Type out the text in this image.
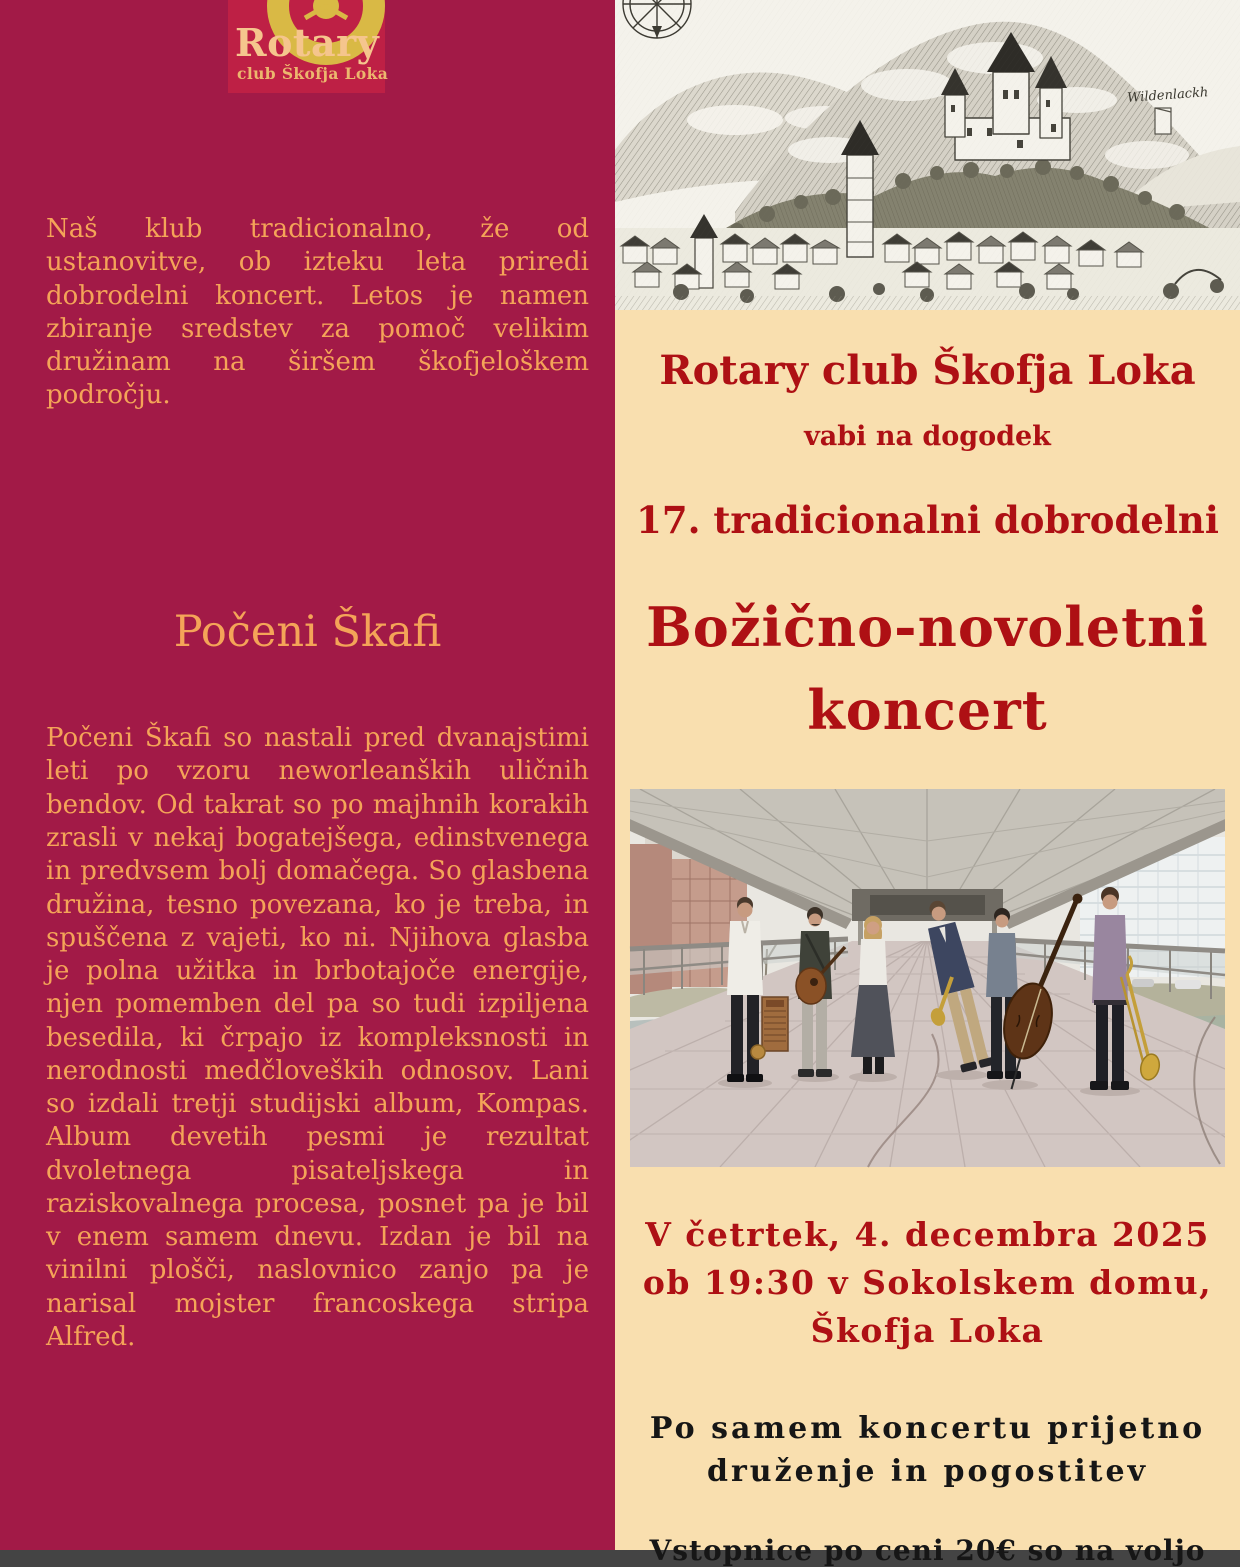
Rotary
club Škofja Loka

Naš klub tradicionalno, že od ustanovitve, ob izteku leta priredi dobrodelni koncert. Letos je namen zbiranje sredstev za pomoč velikim družinam na širšem škofjeloškem področju.

Počeni Škafi

Počeni Škafi so nastali pred dvanajstimi leti po vzoru neworleanških uličnih bendov. Od takrat so po majhnih korakih zrasli v nekaj bogatejšega, edinstvenega in predvsem bolj domačega. So glasbena družina, tesno povezana, ko je treba, in spuščena z vajeti, ko ni. Njihova glasba je polna užitka in brbotajoče energije, njen pomemben del pa so tudi izpiljena besedila, ki črpajo iz kompleksnosti in nerodnosti medčloveških odnosov. Lani so izdali tretji studijski album, Kompas. Album devetih pesmi je rezultat dvoletnega pisateljskega in raziskovalnega procesa, posnet pa je bil v enem samem dnevu. Izdan je bil na vinilni plošči, naslovnico zanjo pa je narisal mojster francoskega stripa Alfred.

Wildenlackh
Rotary club Škofja Loka
vabi na dogodek
17. tradicionalni dobrodelni
Božično-novoletni koncert
V četrtek, 4. decembra 2025
ob 19:30 v Sokolskem domu,
Škofja Loka
Po samem koncertu prijetno
druženje in pogostitev
Vstopnice po ceni 20€ so na voljo
